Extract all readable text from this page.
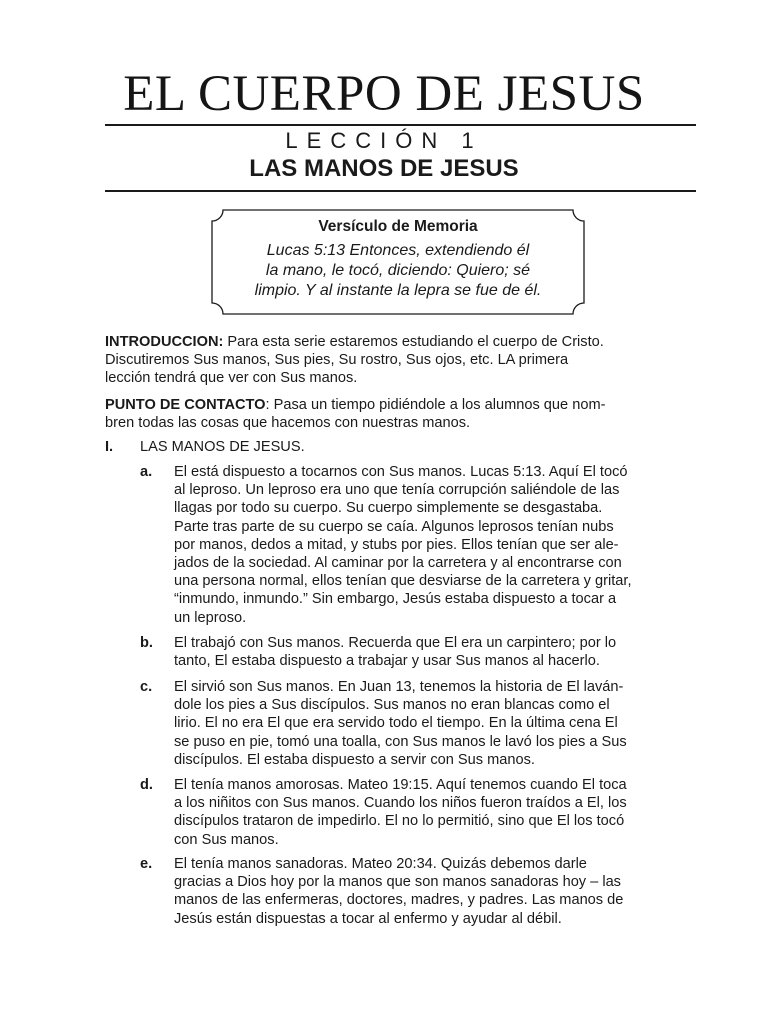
EL CUERPO DE JESUS
LECCIÓN 1
LAS MANOS DE JESUS
Versículo de Memoria
Lucas 5:13 Entonces, extendiendo él
la mano, le tocó, diciendo: Quiero; sé
limpio. Y al instante la lepra se fue de él.
INTRODUCCION: Para esta serie estaremos estudiando el cuerpo de Cristo.
Discutiremos Sus manos, Sus pies, Su rostro, Sus ojos, etc. LA primera
lección tendrá que ver con Sus manos.
PUNTO DE CONTACTO: Pasa un tiempo pidiéndole a los alumnos que nom-
bren todas las cosas que hacemos con nuestras manos.
I. LAS MANOS DE JESUS.
a. El está dispuesto a tocarnos con Sus manos. Lucas 5:13. Aquí El tocó
al leproso. Un leproso era uno que tenía corrupción saliéndole de las
llagas por todo su cuerpo. Su cuerpo simplemente se desgastaba.
Parte tras parte de su cuerpo se caía. Algunos leprosos tenían nubs
por manos, dedos a mitad, y stubs por pies. Ellos tenían que ser ale-
jados de la sociedad. Al caminar por la carretera y al encontrarse con
una persona normal, ellos tenían que desviarse de la carretera y gritar,
“inmundo, inmundo.” Sin embargo, Jesús estaba dispuesto a tocar a
un leproso.
b. El trabajó con Sus manos. Recuerda que El era un carpintero; por lo
tanto, El estaba dispuesto a trabajar y usar Sus manos al hacerlo.
c. El sirvió son Sus manos. En Juan 13, tenemos la historia de El laván-
dole los pies a Sus discípulos. Sus manos no eran blancas como el
lirio. El no era El que era servido todo el tiempo. En la última cena El
se puso en pie, tomó una toalla, con Sus manos le lavó los pies a Sus
discípulos. El estaba dispuesto a servir con Sus manos.
d. El tenía manos amorosas. Mateo 19:15. Aquí tenemos cuando El toca
a los niñitos con Sus manos. Cuando los niños fueron traídos a El, los
discípulos trataron de impedirlo. El no lo permitió, sino que El los tocó
con Sus manos.
e. El tenía manos sanadoras. Mateo 20:34. Quizás debemos darle
gracias a Dios hoy por la manos que son manos sanadoras hoy – las
manos de las enfermeras, doctores, madres, y padres. Las manos de
Jesús están dispuestas a tocar al enfermo y ayudar al débil.
